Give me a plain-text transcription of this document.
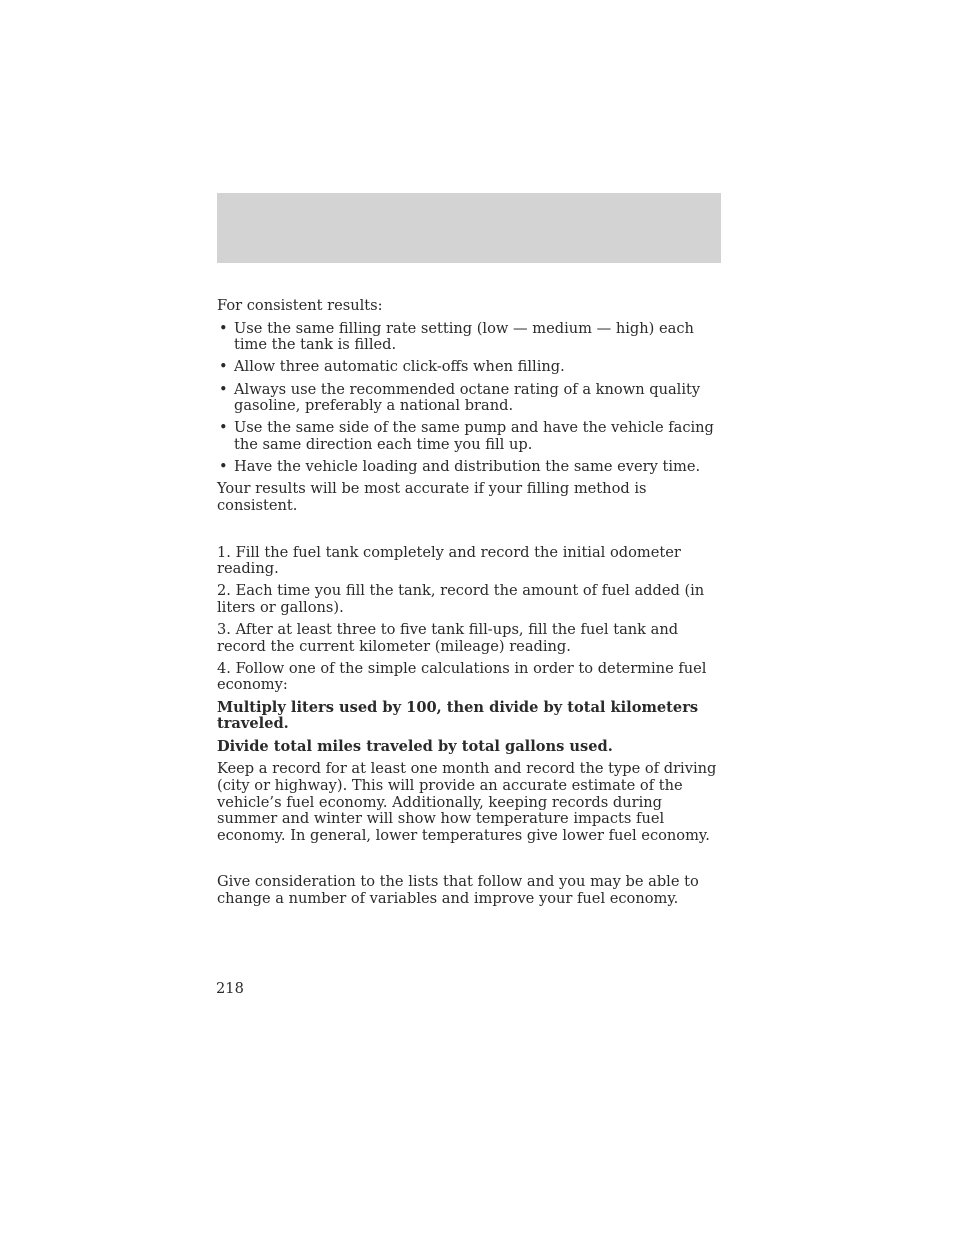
For consistent results:

• Use the same filling rate setting (low — medium — high) each time the tank is filled.
• Allow three automatic click-offs when filling.
• Always use the recommended octane rating of a known quality gasoline, preferably a national brand.
• Use the same side of the same pump and have the vehicle facing the same direction each time you fill up.
• Have the vehicle loading and distribution the same every time.

Your results will be most accurate if your filling method is consistent.

1. Fill the fuel tank completely and record the initial odometer reading.
2. Each time you fill the tank, record the amount of fuel added (in liters or gallons).
3. After at least three to five tank fill-ups, fill the fuel tank and record the current kilometer (mileage) reading.
4. Follow one of the simple calculations in order to determine fuel economy:

Multiply liters used by 100, then divide by total kilometers traveled.

Divide total miles traveled by total gallons used.

Keep a record for at least one month and record the type of driving (city or highway). This will provide an accurate estimate of the vehicle’s fuel economy. Additionally, keeping records during summer and winter will show how temperature impacts fuel economy. In general, lower temperatures give lower fuel economy.

Give consideration to the lists that follow and you may be able to change a number of variables and improve your fuel economy.

218
